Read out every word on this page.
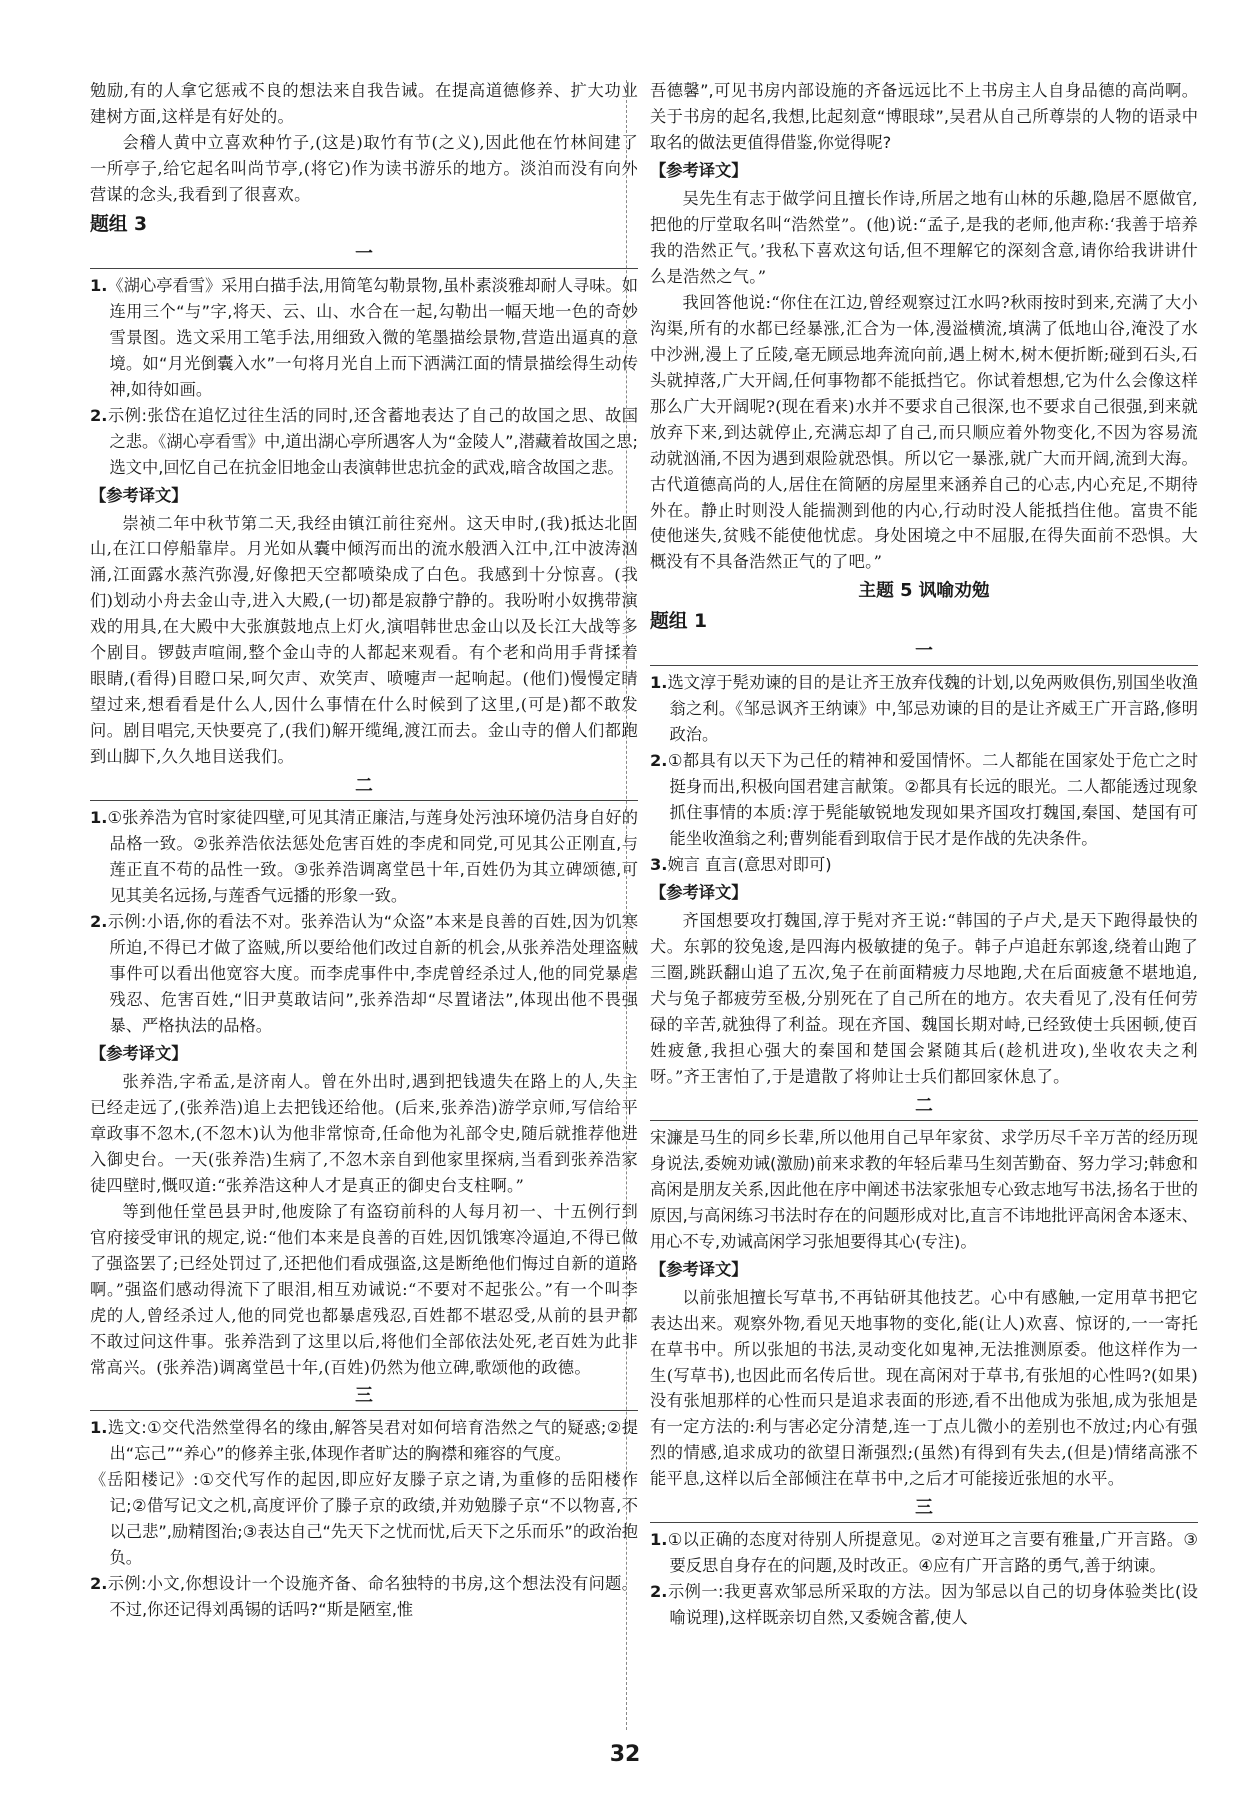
勉励,有的人拿它惩戒不良的想法来自我告诫。在提高道德修养、扩大功业建树方面,这样是有好处的。

会稽人黄中立喜欢种竹子,(这是)取竹有节(之义),因此他在竹林间建了一所亭子,给它起名叫尚节亭,(将它)作为读书游乐的地方。淡泊而没有向外营谋的念头,我看到了很喜欢。

题组 3
一

1.《湖心亭看雪》采用白描手法,用简笔勾勒景物,虽朴素淡雅却耐人寻味。如连用三个“与”字,将天、云、山、水合在一起,勾勒出一幅天地一色的奇妙雪景图。选文采用工笔手法,用细致入微的笔墨描绘景物,营造出逼真的意境。如“月光倒囊入水”一句将月光自上而下洒满江面的情景描绘得生动传神,如待如画。

2.示例:张岱在追忆过往生活的同时,还含蓄地表达了自己的故国之思、故国之悲。《湖心亭看雪》中,道出湖心亭所遇客人为“金陵人”,潜藏着故国之思;选文中,回忆自己在抗金旧地金山表演韩世忠抗金的武戏,暗含故国之悲。

【参考译文】

崇祯二年中秋节第二天,我经由镇江前往兖州。这天申时,(我)抵达北固山,在江口停船靠岸。月光如从囊中倾泻而出的流水般洒入江中,江中波涛汹涌,江面露水蒸汽弥漫,好像把天空都喷染成了白色。我感到十分惊喜。(我们)划动小舟去金山寺,进入大殿,(一切)都是寂静宁静的。我吩咐小奴携带演戏的用具,在大殿中大张旗鼓地点上灯火,演唱韩世忠金山以及长江大战等多个剧目。锣鼓声喧闹,整个金山寺的人都起来观看。有个老和尚用手背揉着眼睛,(看得)目瞪口呆,呵欠声、欢笑声、喷嚏声一起响起。(他们)慢慢定睛望过来,想看看是什么人,因什么事情在什么时候到了这里,(可是)都不敢发问。剧目唱完,天快要亮了,(我们)解开缆绳,渡江而去。金山寺的僧人们都跑到山脚下,久久地目送我们。

二

1.①张养浩为官时家徒四壁,可见其清正廉洁,与莲身处污浊环境仍洁身自好的品格一致。②张养浩依法惩处危害百姓的李虎和同党,可见其公正刚直,与莲正直不苟的品性一致。③张养浩调离堂邑十年,百姓仍为其立碑颂德,可见其美名远扬,与莲香气远播的形象一致。

2.示例:小语,你的看法不对。张养浩认为“众盗”本来是良善的百姓,因为饥寒所迫,不得已才做了盗贼,所以要给他们改过自新的机会,从张养浩处理盗贼事件可以看出他宽容大度。而李虎事件中,李虎曾经杀过人,他的同党暴虐残忍、危害百姓,“旧尹莫敢诘问”,张养浩却“尽置诸法”,体现出他不畏强暴、严格执法的品格。

【参考译文】

张养浩,字希孟,是济南人。曾在外出时,遇到把钱遗失在路上的人,失主已经走远了,(张养浩)追上去把钱还给他。(后来,张养浩)游学京师,写信给平章政事不忽木,(不忽木)认为他非常惊奇,任命他为礼部令史,随后就推荐他进入御史台。一天(张养浩)生病了,不忽木亲自到他家里探病,当看到张养浩家徒四壁时,慨叹道:“张养浩这种人才是真正的御史台支柱啊。”

等到他任堂邑县尹时,他废除了有盗窃前科的人每月初一、十五例行到官府接受审讯的规定,说:“他们本来是良善的百姓,因饥饿寒冷逼迫,不得已做了强盗罢了;已经处罚过了,还把他们看成强盗,这是断绝他们悔过自新的道路啊。”强盗们感动得流下了眼泪,相互劝诫说:“不要对不起张公。”有一个叫李虎的人,曾经杀过人,他的同党也都暴虐残忍,百姓都不堪忍受,从前的县尹都不敢过问这件事。张养浩到了这里以后,将他们全部依法处死,老百姓为此非常高兴。(张养浩)调离堂邑十年,(百姓)仍然为他立碑,歌颂他的政德。

三

1.选文:①交代浩然堂得名的缘由,解答吴君对如何培育浩然之气的疑惑;②提出“忘己”“养心”的修养主张,体现作者旷达的胸襟和雍容的气度。

《岳阳楼记》:①交代写作的起因,即应好友滕子京之请,为重修的岳阳楼作记;②借写记文之机,高度评价了滕子京的政绩,并劝勉滕子京“不以物喜,不以己悲”,励精图治;③表达自己“先天下之忧而忧,后天下之乐而乐”的政治抱负。

2.示例:小文,你想设计一个设施齐备、命名独特的书房,这个想法没有问题。不过,你还记得刘禹锡的话吗?“斯是陋室,惟

吾德馨”,可见书房内部设施的齐备远远比不上书房主人自身品德的高尚啊。关于书房的起名,我想,比起刻意“博眼球”,吴君从自己所尊崇的人物的语录中取名的做法更值得借鉴,你觉得呢?

【参考译文】

吴先生有志于做学问且擅长作诗,所居之地有山林的乐趣,隐居不愿做官,把他的厅堂取名叫“浩然堂”。(他)说:“孟子,是我的老师,他声称:‘我善于培养我的浩然正气。’我私下喜欢这句话,但不理解它的深刻含意,请你给我讲讲什么是浩然之气。”

我回答他说:“你住在江边,曾经观察过江水吗?秋雨按时到来,充满了大小沟渠,所有的水都已经暴涨,汇合为一体,漫溢横流,填满了低地山谷,淹没了水中沙洲,漫上了丘陵,毫无顾忌地奔流向前,遇上树木,树木便折断;碰到石头,石头就掉落,广大开阔,任何事物都不能抵挡它。你试着想想,它为什么会像这样那么广大开阔呢?(现在看来)水并不要求自己很深,也不要求自己很强,到来就放弃下来,到达就停止,充满忘却了自己,而只顺应着外物变化,不因为容易流动就汹涌,不因为遇到艰险就恐惧。所以它一暴涨,就广大而开阔,流到大海。古代道德高尚的人,居住在简陋的房屋里来涵养自己的心志,内心充足,不期待外在。静止时则没人能揣测到他的内心,行动时没人能抵挡住他。富贵不能使他迷失,贫贱不能使他忧虑。身处困境之中不屈服,在得失面前不恐惧。大概没有不具备浩然正气的了吧。”

主题 5 讽喻劝勉
题组 1
一

1.选文淳于髡劝谏的目的是让齐王放弃伐魏的计划,以免两败俱伤,别国坐收渔翁之利。《邹忌讽齐王纳谏》中,邹忌劝谏的目的是让齐威王广开言路,修明政治。

2.①都具有以天下为己任的精神和爱国情怀。二人都能在国家处于危亡之时挺身而出,积极向国君建言献策。②都具有长远的眼光。二人都能透过现象抓住事情的本质:淳于髡能敏锐地发现如果齐国攻打魏国,秦国、楚国有可能坐收渔翁之利;曹刿能看到取信于民才是作战的先决条件。

3.婉言 直言(意思对即可)

【参考译文】

齐国想要攻打魏国,淳于髡对齐王说:“韩国的子卢犬,是天下跑得最快的犬。东郭的狡兔逡,是四海内极敏捷的兔子。韩子卢追赶东郭逡,绕着山跑了三圈,跳跃翻山追了五次,兔子在前面精疲力尽地跑,犬在后面疲惫不堪地追,犬与兔子都疲劳至极,分别死在了自己所在的地方。农夫看见了,没有任何劳碌的辛苦,就独得了利益。现在齐国、魏国长期对峙,已经致使士兵困顿,使百姓疲惫,我担心强大的秦国和楚国会紧随其后(趁机进攻),坐收农夫之利呀。”齐王害怕了,于是遣散了将帅让士兵们都回家休息了。

二

宋濂是马生的同乡长辈,所以他用自己早年家贫、求学历尽千辛万苦的经历现身说法,委婉劝诫(激励)前来求教的年轻后辈马生刻苦勤奋、努力学习;韩愈和高闲是朋友关系,因此他在序中阐述书法家张旭专心致志地写书法,扬名于世的原因,与高闲练习书法时存在的问题形成对比,直言不讳地批评高闲舍本逐末、用心不专,劝诫高闲学习张旭要得其心(专注)。

【参考译文】

以前张旭擅长写草书,不再钻研其他技艺。心中有感触,一定用草书把它表达出来。观察外物,看见天地事物的变化,能(让人)欢喜、惊讶的,一一寄托在草书中。所以张旭的书法,灵动变化如鬼神,无法推测原委。他这样作为一生(写草书),也因此而名传后世。现在高闲对于草书,有张旭的心性吗?(如果)没有张旭那样的心性而只是追求表面的形迹,看不出他成为张旭,成为张旭是有一定方法的:利与害必定分清楚,连一丁点儿微小的差别也不放过;内心有强烈的情感,追求成功的欲望日渐强烈;(虽然)有得到有失去,(但是)情绪高涨不能平息,这样以后全部倾注在草书中,之后才可能接近张旭的水平。

三

1.①以正确的态度对待别人所提意见。②对逆耳之言要有雅量,广开言路。③要反思自身存在的问题,及时改正。④应有广开言路的勇气,善于纳谏。

2.示例一:我更喜欢邹忌所采取的方法。因为邹忌以自己的切身体验类比(设喻说理),这样既亲切自然,又委婉含蓄,使人

32
